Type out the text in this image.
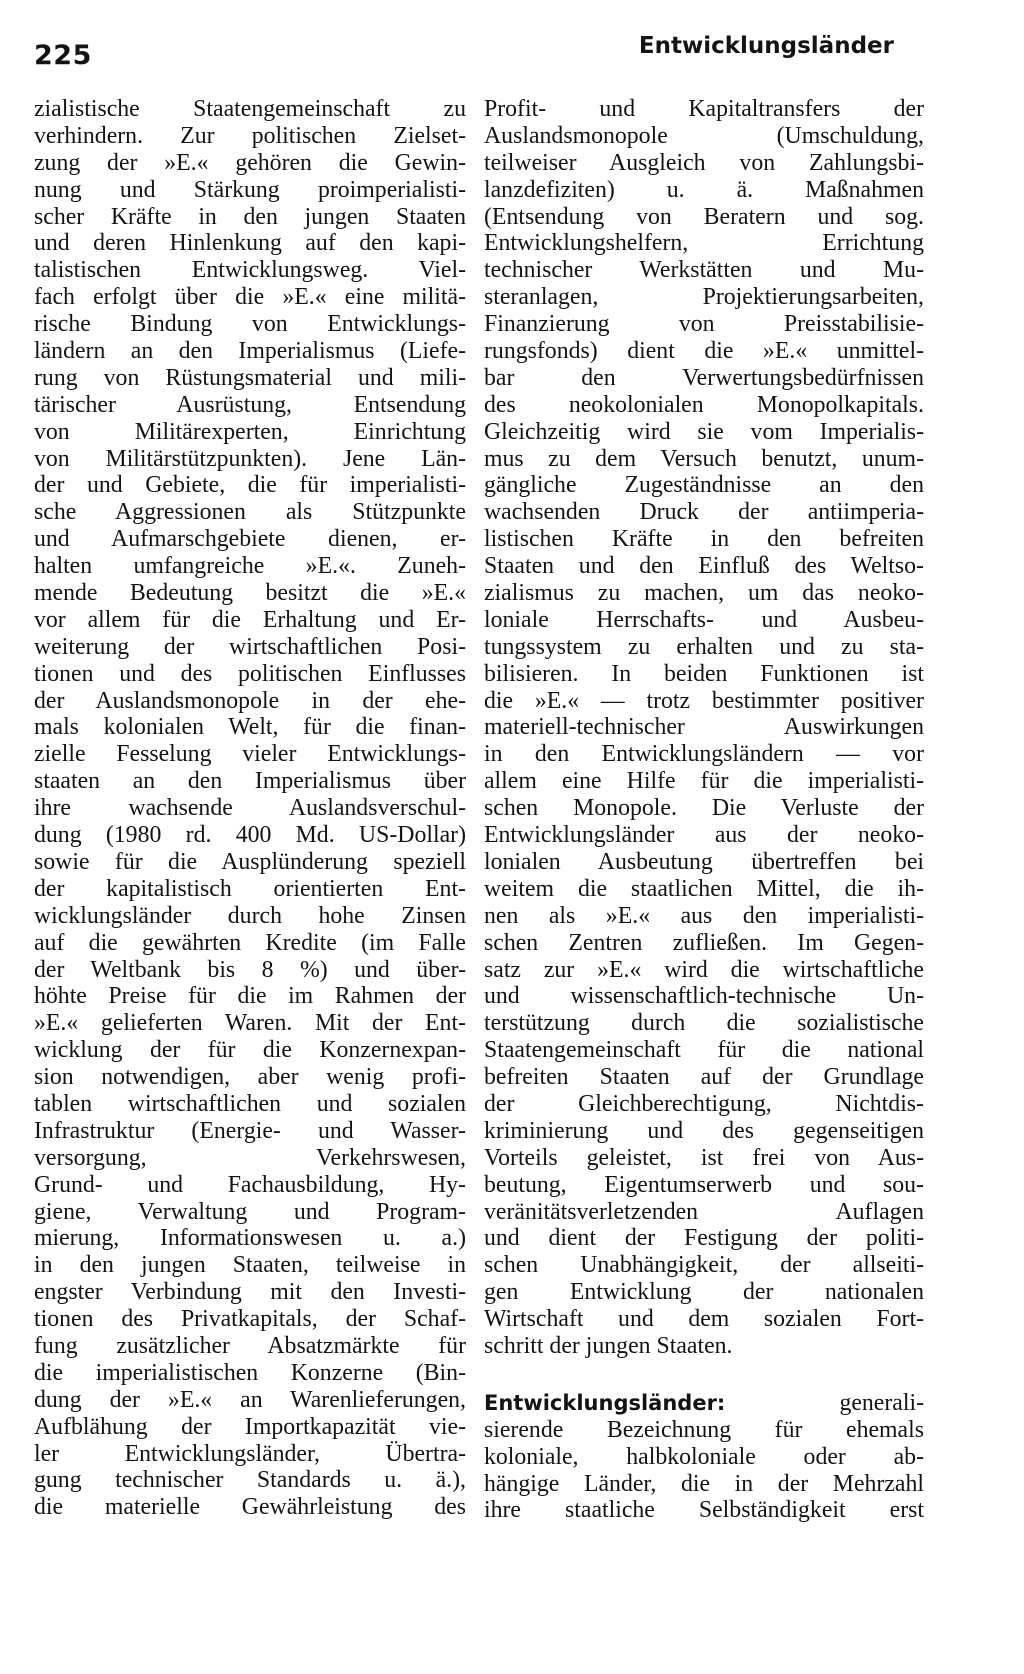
225	Entwicklungsländer
zialistische Staatengemeinschaft zu
verhindern. Zur politischen Zielset-
zung der »E.« gehören die Gewin-
nung und Stärkung proimperialisti-
scher Kräfte in den jungen Staaten
und deren Hinlenkung auf den kapi-
talistischen Entwicklungsweg. Viel-
fach erfolgt über die »E.« eine militä-
rische Bindung von Entwicklungs-
ländern an den Imperialismus (Liefe-
rung von Rüstungsmaterial und mili-
tärischer Ausrüstung, Entsendung
von Militärexperten, Einrichtung
von Militärstützpunkten). Jene Län-
der und Gebiete, die für imperialisti-
sche Aggressionen als Stützpunkte
und Aufmarschgebiete dienen, er-
halten umfangreiche »E.«. Zuneh-
mende Bedeutung besitzt die »E.«
vor allem für die Erhaltung und Er-
weiterung der wirtschaftlichen Posi-
tionen und des politischen Einflusses
der Auslandsmonopole in der ehe-
mals kolonialen Welt, für die finan-
zielle Fesselung vieler Entwicklungs-
staaten an den Imperialismus über
ihre wachsende Auslandsverschul-
dung (1980 rd. 400 Md. US-Dollar)
sowie für die Ausplünderung speziell
der kapitalistisch orientierten Ent-
wicklungsländer durch hohe Zinsen
auf die gewährten Kredite (im Falle
der Weltbank bis 8 %) und über-
höhte Preise für die im Rahmen der
»E.« gelieferten Waren. Mit der Ent-
wicklung der für die Konzernexpan-
sion notwendigen, aber wenig profi-
tablen wirtschaftlichen und sozialen
Infrastruktur (Energie- und Wasser-
versorgung, Verkehrswesen,
Grund- und Fachausbildung, Hy-
giene, Verwaltung und Program-
mierung, Informationswesen u. a.)
in den jungen Staaten, teilweise in
engster Verbindung mit den Investi-
tionen des Privatkapitals, der Schaf-
fung zusätzlicher Absatzmärkte für
die imperialistischen Konzerne (Bin-
dung der »E.« an Warenlieferungen,
Aufblähung der Importkapazität vie-
ler Entwicklungsländer, Übertra-
gung technischer Standards u. ä.),
die materielle Gewährleistung des
Profit- und Kapitaltransfers der
Auslandsmonopole (Umschuldung,
teilweiser Ausgleich von Zahlungsbi-
lanzdefiziten) u. ä. Maßnahmen
(Entsendung von Beratern und sog.
Entwicklungshelfern, Errichtung
technischer Werkstätten und Mu-
steranlagen, Projektierungsarbeiten,
Finanzierung von Preisstabilisie-
rungsfonds) dient die »E.« unmittel-
bar den Verwertungsbedürfnissen
des neokolonialen Monopolkapitals.
Gleichzeitig wird sie vom Imperialis-
mus zu dem Versuch benutzt, unum-
gängliche Zugeständnisse an den
wachsenden Druck der antiimperia-
listischen Kräfte in den befreiten
Staaten und den Einfluß des Weltso-
zialismus zu machen, um das neoko-
loniale Herrschafts- und Ausbeu-
tungssystem zu erhalten und zu sta-
bilisieren. In beiden Funktionen ist
die »E.« — trotz bestimmter positiver
materiell-technischer Auswirkungen
in den Entwicklungsländern — vor
allem eine Hilfe für die imperialisti-
schen Monopole. Die Verluste der
Entwicklungsländer aus der neoko-
lonialen Ausbeutung übertreffen bei
weitem die staatlichen Mittel, die ih-
nen als »E.« aus den imperialisti-
schen Zentren zufließen. Im Gegen-
satz zur »E.« wird die wirtschaftliche
und wissenschaftlich-technische Un-
terstützung durch die sozialistische
Staatengemeinschaft für die national
befreiten Staaten auf der Grundlage
der Gleichberechtigung, Nichtdis-
kriminierung und des gegenseitigen
Vorteils geleistet, ist frei von Aus-
beutung, Eigentumserwerb und sou-
veränitätsverletzenden Auflagen
und dient der Festigung der politi-
schen Unabhängigkeit, der allseiti-
gen Entwicklung der nationalen
Wirtschaft und dem sozialen Fort-
schritt der jungen Staaten.
Entwicklungsländer:	generali-
sierende Bezeichnung für ehemals
koloniale, halbkoloniale oder ab-
hängige Länder, die in der Mehrzahl
ihre staatliche Selbständigkeit erst
